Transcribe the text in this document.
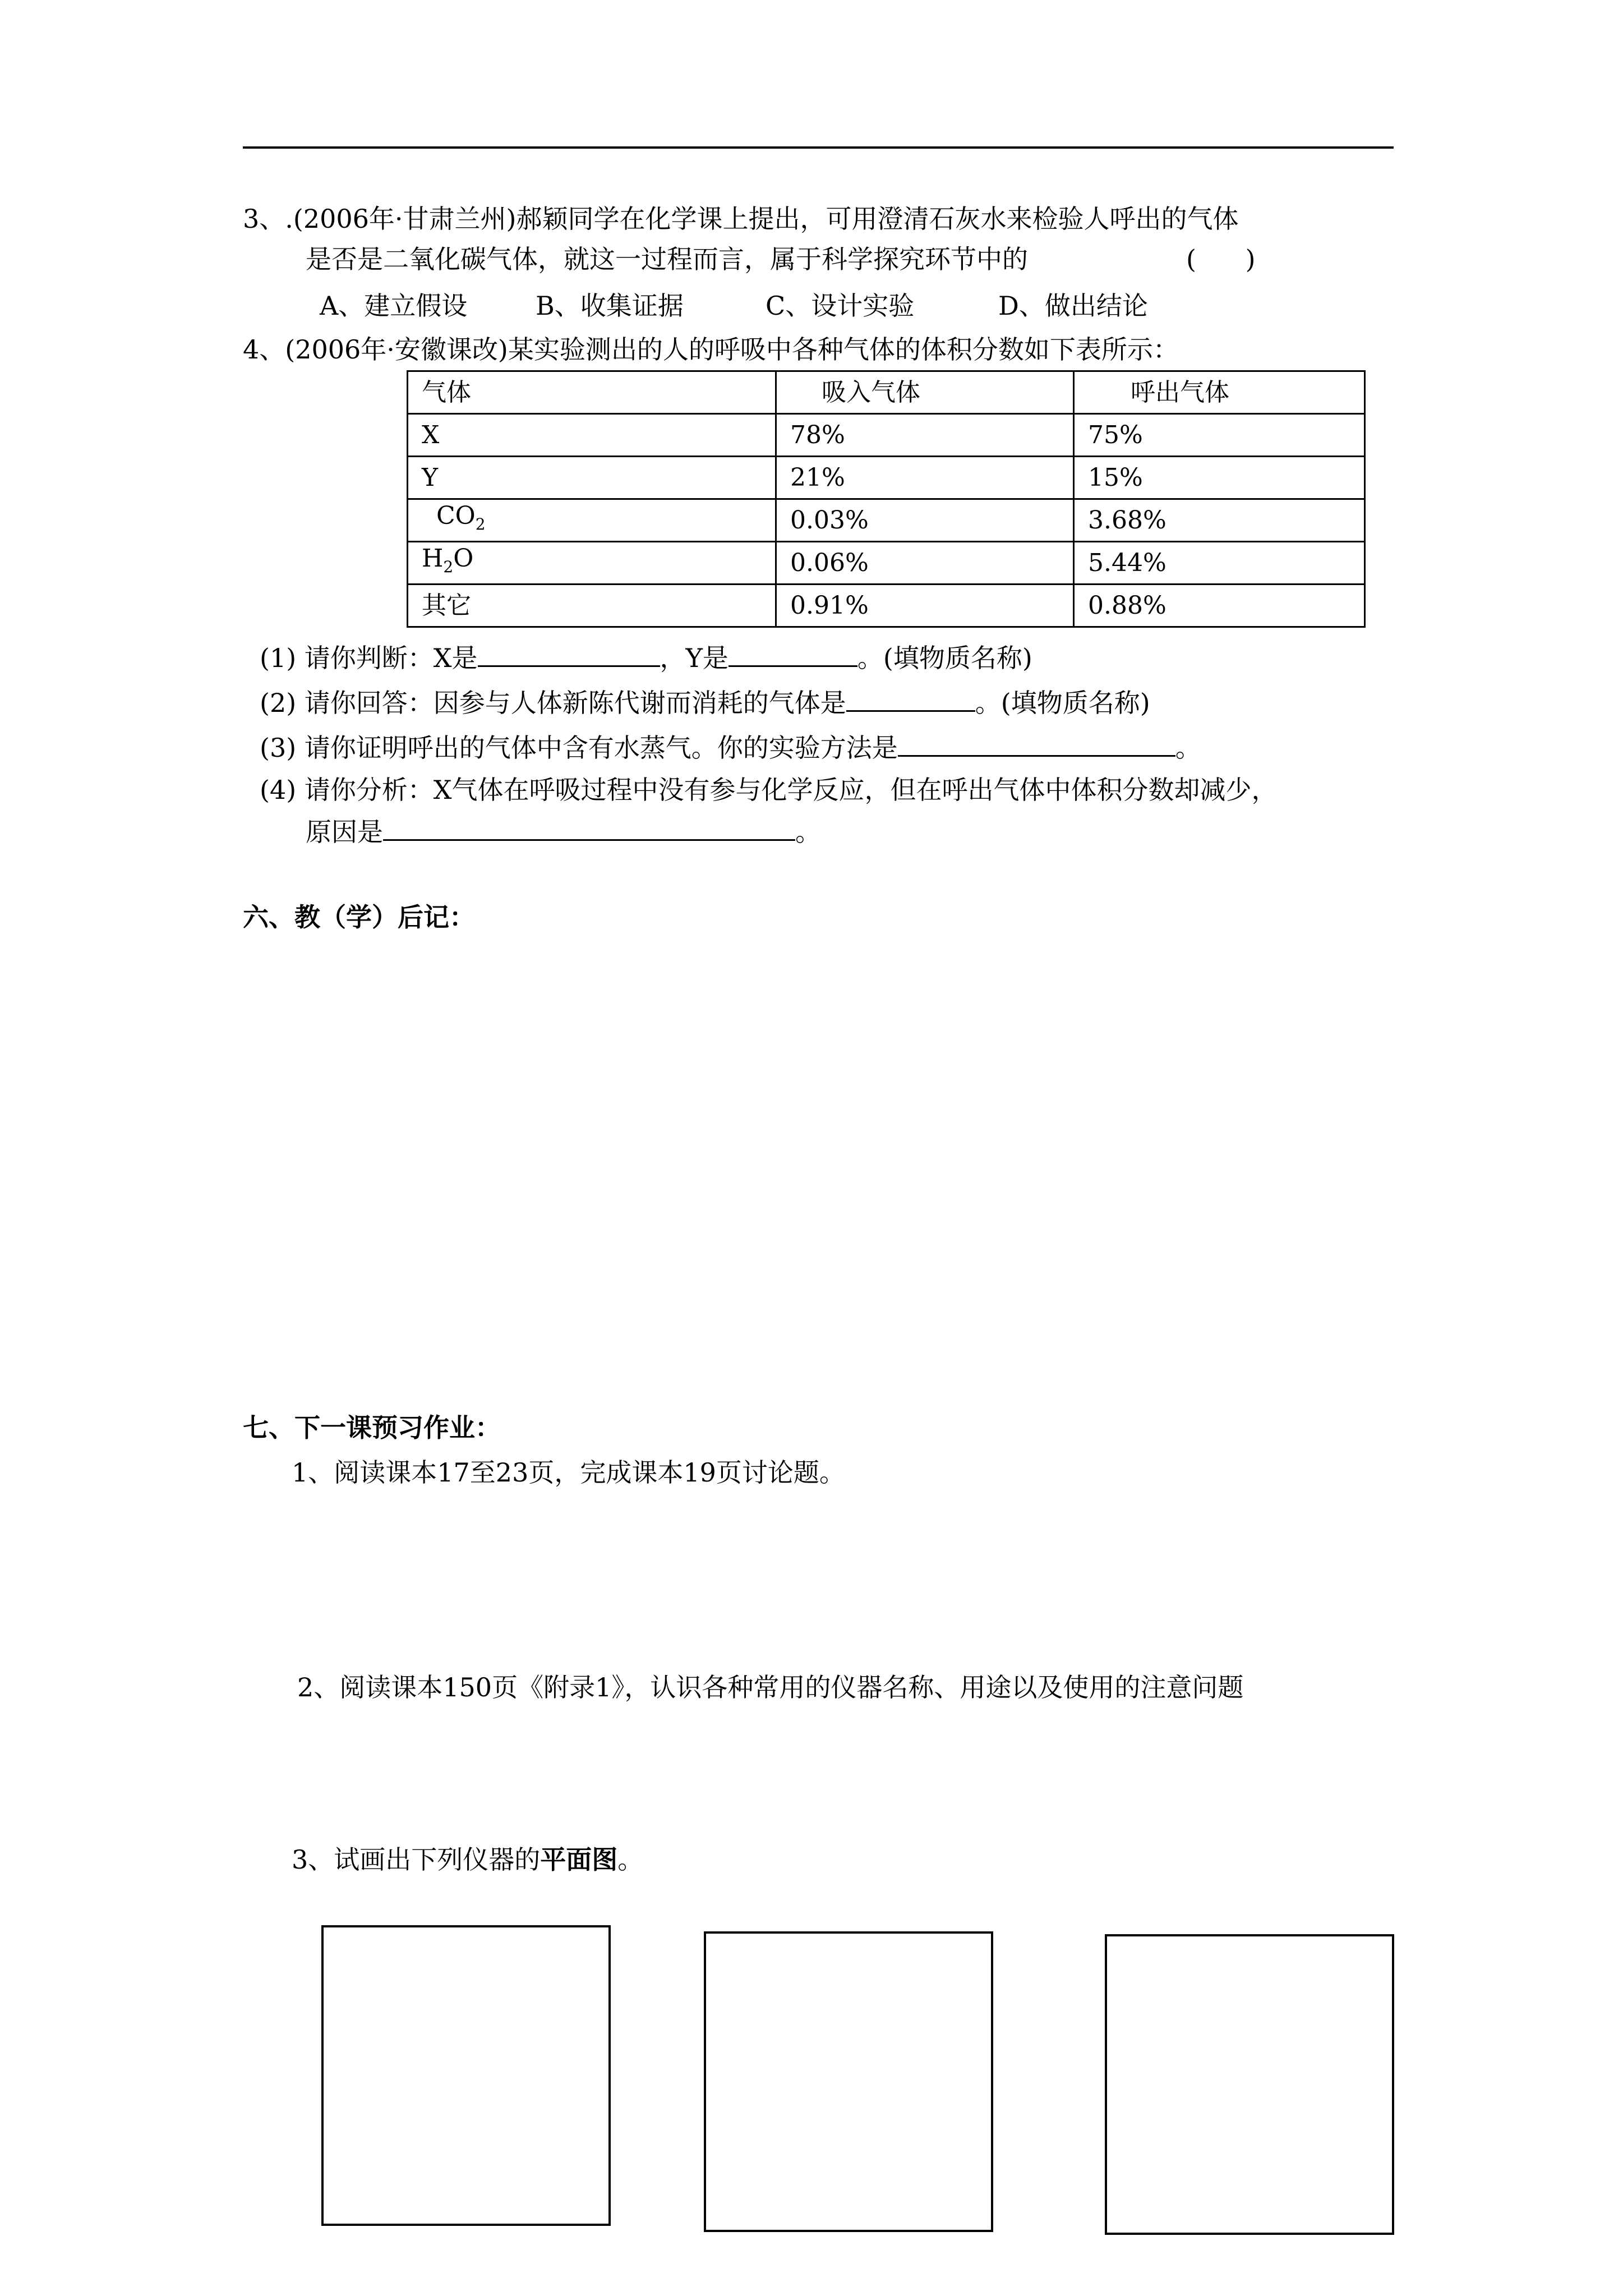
3、.(2006年·甘肃兰州)郝颖同学在化学课上提出，可用澄清石灰水来检验人呼出的气体
是否是二氧化碳气体，就这一过程而言，属于科学探究环节中的	(      )
A、建立假设	B、收集证据	C、设计实验	D、做出结论
4、(2006年·安徽课改)某实验测出的人的呼吸中各种气体的体积分数如下表所示：
气体	吸入气体	呼出气体
X	78%	75%
Y	21%	15%
$CO_2$	0.03%	3.68%
$H_2O$	0.06%	5.44%
其它	0.91%	0.88%
(1) 请你判断：X是	，Y是	。(填物质名称)
(2) 请你回答：因参与人体新陈代谢而消耗的气体是	。(填物质名称)
(3) 请你证明呼出的气体中含有水蒸气。你的实验方法是	。
(4) 请你分析：X气体在呼吸过程中没有参与化学反应，但在呼出气体中体积分数却减少，
原因是	。
六、教（学）后记：
七、下一课预习作业：
1、阅读课本17至23页，完成课本19页讨论题。
2、阅读课本150页《附录1》，认识各种常用的仪器名称、用途以及使用的注意问题
3、试画出下列仪器的平面图。
